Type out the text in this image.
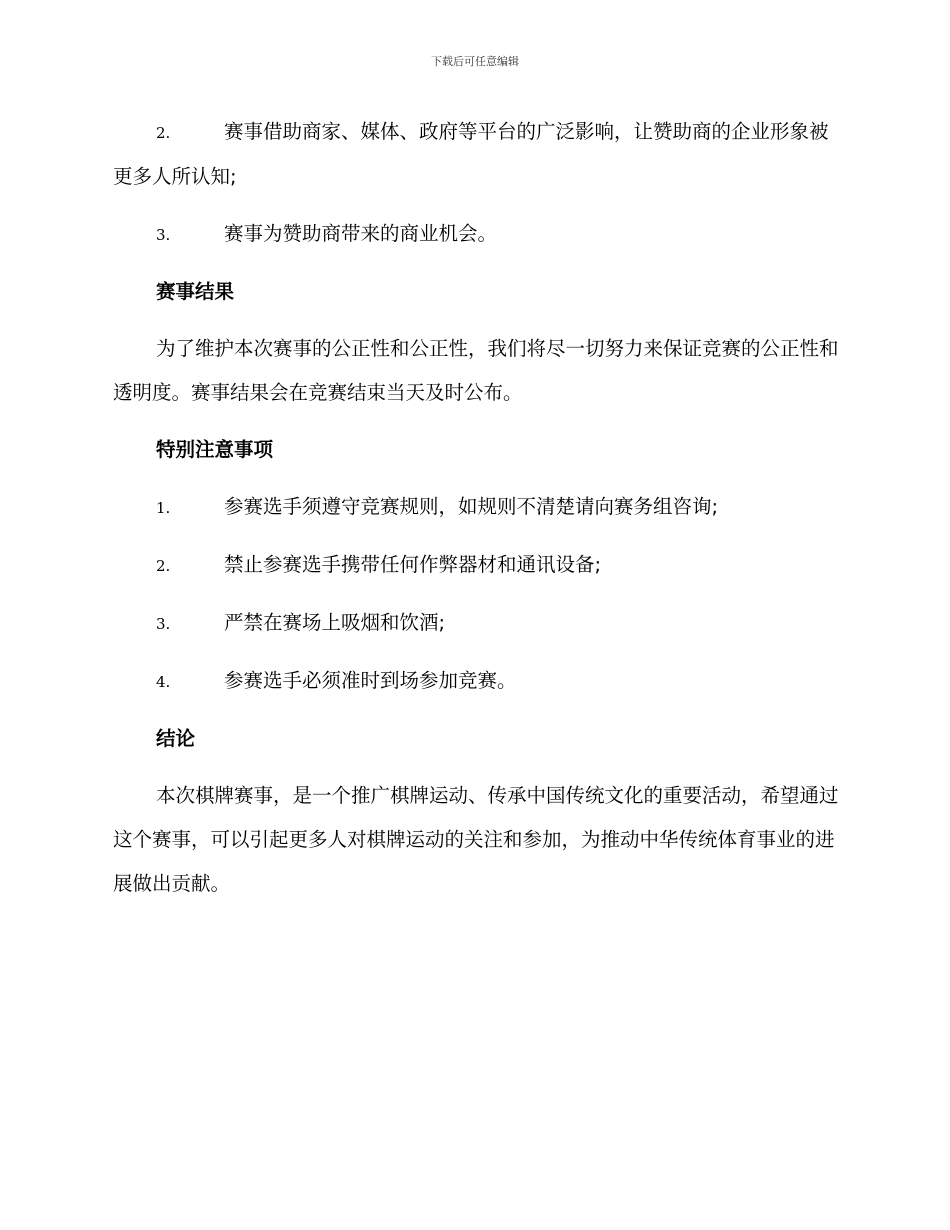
下载后可任意编辑
2.	赛事借助商家、媒体、政府等平台的广泛影响，让赞助商的企业形象被更多人所认知;
3.	赛事为赞助商带来的商业机会。
赛事结果
为了维护本次赛事的公正性和公正性，我们将尽一切努力来保证竞赛的公正性和透明度。赛事结果会在竞赛结束当天及时公布。
特别注意事项
1.	参赛选手须遵守竞赛规则，如规则不清楚请向赛务组咨询;
2.	禁止参赛选手携带任何作弊器材和通讯设备;
3.	严禁在赛场上吸烟和饮酒;
4.	参赛选手必须准时到场参加竞赛。
结论
本次棋牌赛事，是一个推广棋牌运动、传承中国传统文化的重要活动，希望通过这个赛事，可以引起更多人对棋牌运动的关注和参加，为推动中华传统体育事业的进展做出贡献。
